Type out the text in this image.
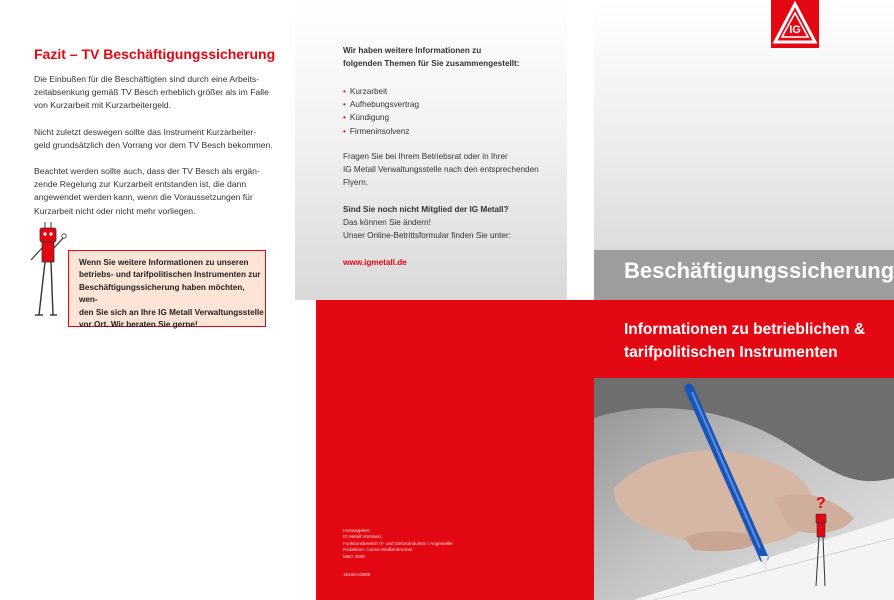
Fazit – TV Beschäftigungssicherung
Die Einbußen für die Beschäftigten sind durch eine Arbeits-
zeitabsenkung gemäß TV Besch erheblich größer als im Falle
von Kurzarbeit mit Kurzarbeitergeld.
Nicht zuletzt deswegen sollte das Instrument Kurzarbeiter-
geld grundsätzlich den Vorrang vor dem TV Besch bekommen.
Beachtet werden sollte auch, dass der TV Besch als ergän-
zende Regelung zur Kurzarbeit entstanden ist, die dann
angewendet werden kann, wenn die Voraussetzungen für
Kurzarbeit nicht oder nicht mehr vorliegen.
Wenn Sie weitere Informationen zu unseren
betriebs- und tarifpolitischen Instrumenten zur
Beschäftigungssicherung haben möchten, wen-
den Sie sich an Ihre IG Metall Verwaltungsstelle
vor Ort. Wir beraten Sie gerne!
Wir haben weitere Informationen zu
folgenden Themen für Sie zusammengestellt:
• Kurzarbeit
• Aufhebungsvertrag
• Kündigung
• Firmeninsolvenz
Fragen Sie bei Ihrem Betriebsrat oder in Ihrer
IG Metall Verwaltungsstelle nach den entsprechenden
Flyern.
Sind Sie noch nicht Mitglied der IG Metall?
Das können Sie ändern!
Unser Online-Betrittsformular finden Sie unter:
www.igmetall.de
IG
Beschäftigungssicherung
Informationen zu betrieblichen &
tarifpolitischen Instrumenten
?
Herausgeber:
IG Metall Vorstand,
Funktionsbereich IT- und Elektroindustrie / Angestellte
Redaktion: Carina Weißenbrunner
März 2009
16108-23809
